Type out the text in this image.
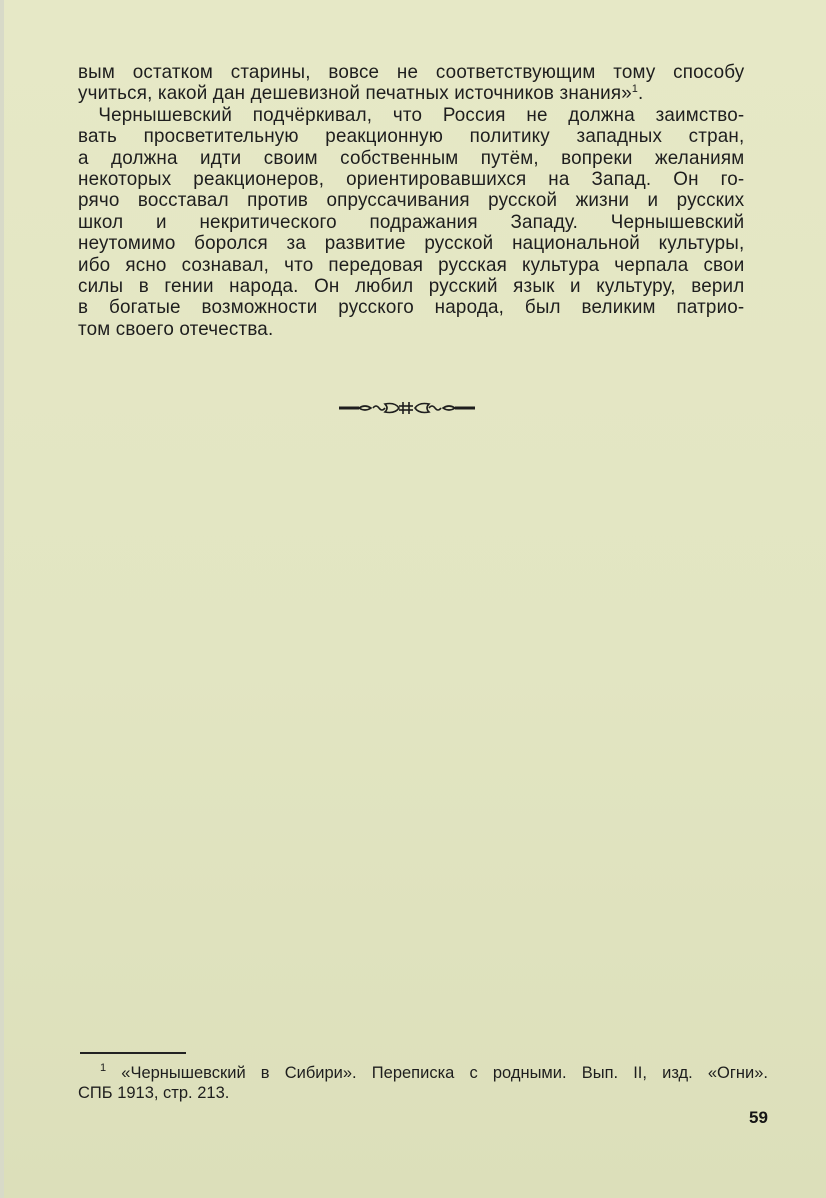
вым остатком старины, вовсе не соответствующим тому способу
учиться, какой дан дешевизной печатных источников знания»$^1$.
Чернышевский подчёркивал, что Россия не должна заимство-
вать просветительную реакционную политику западных стран,
а должна идти своим собственным путём, вопреки желаниям
некоторых реакционеров, ориентировавшихся на Запад. Он го-
рячо восставал против опруссачивания русской жизни и русских
школ и некритического подражания Западу. Чернышевский
неутомимо боролся за развитие русской национальной культуры,
ибо ясно сознавал, что передовая русская культура черпала свои
силы в гении народа. Он любил русский язык и культуру, верил
в богатые возможности русского народа, был великим патрио-
том своего отечества.
$^1$ «Чернышевский в Сибири». Переписка с родными. Вып. II, изд. «Огни».
СПБ 1913, стр. 213.
59
